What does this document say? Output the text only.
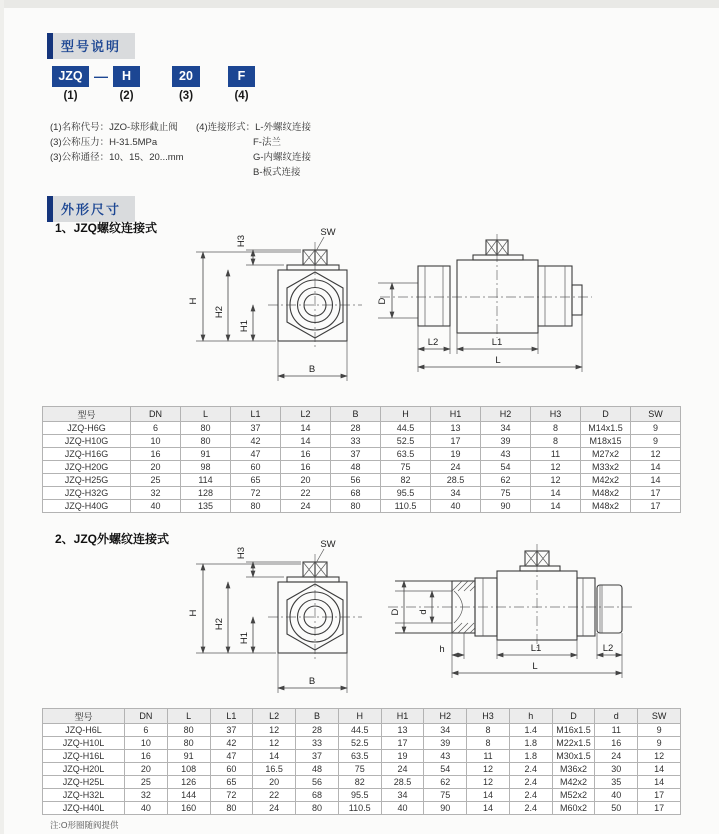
型号说明
JZQ —	H	20	F
(1)	(2)	(3)	(4)
(1)名称代号：JZO-球形截止阀
(3)公称压力：H-31.5MPa
(3)公称通径：10、15、20...mm
(4)连接形式：L-外螺纹连接
F-法兰
G-内螺纹连接
B-板式连接
外形尺寸
1、JZQ螺纹连接式
H
H2
H1
H3
B
SW
D
L2	L1
L
型号	DN	L	L1	L2	B	H	H1	H2	H3	D	SW
JZQ-H6G	6	80	37	14	28	44.5	13	34	8	M14x1.5	9
JZQ-H10G	10	80	42	14	33	52.5	17	39	8	M18x15	9
JZQ-H16G	16	91	47	16	37	63.5	19	43	11	M27x2	12
JZQ-H20G	20	98	60	16	48	75	24	54	12	M33x2	14
JZQ-H25G	25	114	65	20	56	82	28.5	62	12	M42x2	14
JZQ-H32G	32	128	72	22	68	95.5	34	75	14	M48x2	17
JZQ-H40G	40	135	80	24	80	110.5	40	90	14	M48x2	17
2、JZQ外螺纹连接式
H
H2
H1
H3
B
SW
D d
h	L1	L2
L
型号	DN	L	L1	L2	B	H	H1	H2	H3	h	D	d	SW
JZQ-H6L	6	80	37	12	28	44.5	13	34	8	1.4	M16x1.5	11	9
JZQ-H10L	10	80	42	12	33	52.5	17	39	8	1.8	M22x1.5	16	9
JZQ-H16L	16	91	47	14	37	63.5	19	43	11	1.8	M30x1.5	24	12
JZQ-H20L	20	108	60	16.5	48	75	24	54	12	2.4	M36x2	30	14
JZQ-H25L	25	126	65	20	56	82	28.5	62	12	2.4	M42x2	35	14
JZQ-H32L	32	144	72	22	68	95.5	34	75	14	2.4	M52x2	40	17
JZQ-H40L	40	160	80	24	80	110.5	40	90	14	2.4	M60x2	50	17
注:O形圈随阀提供
